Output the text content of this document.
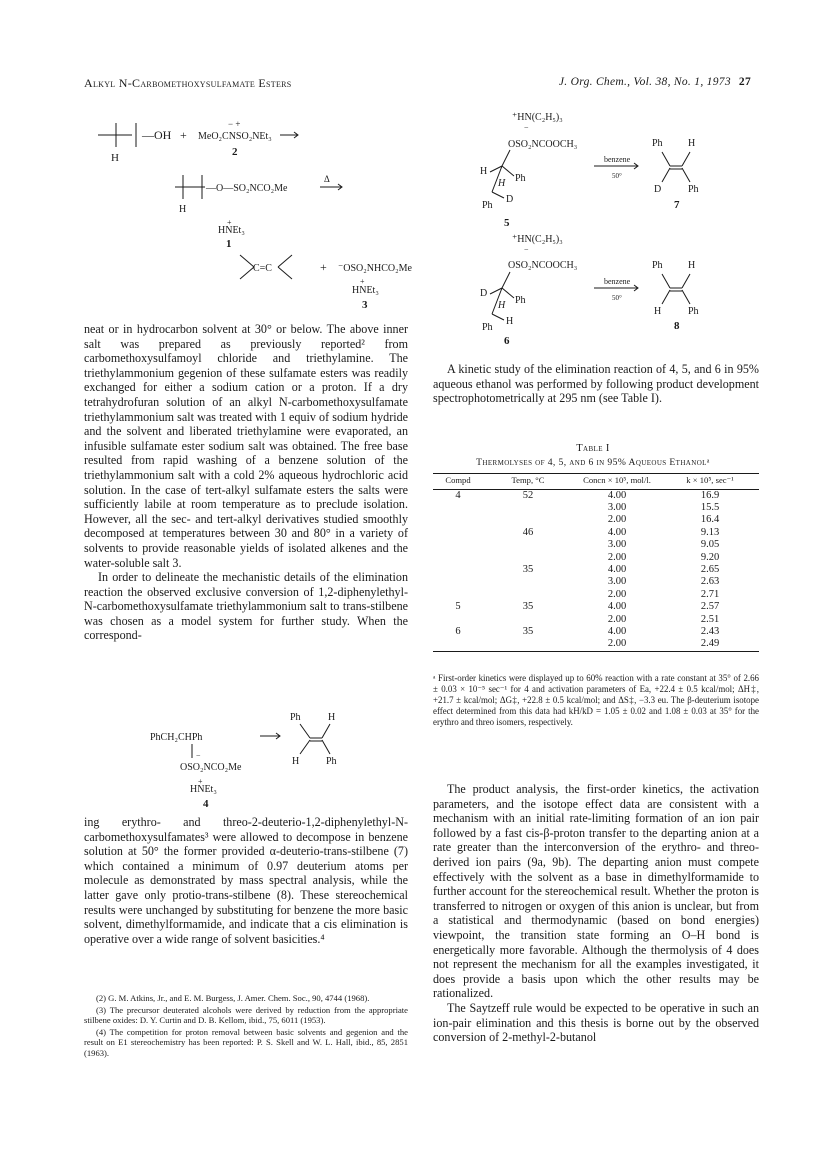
Alkyl N-Carbomethoxysulfamate Esters	J. Org. Chem., Vol. 38, No. 1, 1973 27
—OH
H
+ MeO₂CNSO₂NEt₃
− +
2
—O—SO₂NCO₂Me
H
Δ
+
HNEt₃
1
C=C	+ ⁻OSO₂NHCO₂Me
+
HNEt₃
3
⁺HN(C₂H₅)₃
−
OSO₂NCOOCH₃
H
Ph
H
D
Ph
5
benzene
50°
Ph	H
D	Ph
7
⁺HN(C₂H₅)₃
−
OSO₂NCOOCH₃
D
Ph
H
H
Ph
6
benzene
50°
Ph	H
H	Ph
8

neat or in hydrocarbon solvent at 30° or below. The above inner salt was prepared as previously reported² from carbomethoxysulfamoyl chloride and triethylamine. The triethylammonium gegenion of these sulfamate esters was readily exchanged for either a sodium cation or a proton. If a dry tetrahydrofuran solution of an alkyl N-carbomethoxysulfamate triethylammonium salt was treated with 1 equiv of sodium hydride and the solvent and liberated triethylamine were evaporated, an infusible sulfamate ester sodium salt was obtained. The free base resulted from rapid washing of a benzene solution of the triethylammonium salt with a cold 2% aqueous hydrochloric acid solution. In the case of tert-alkyl sulfamate esters the salts were sufficiently labile at room temperature as to preclude isolation. However, all the sec- and tert-alkyl derivatives studied smoothly decomposed at temperatures between 30 and 80° in a variety of solvents to provide reasonable yields of isolated alkenes and the water-soluble salt 3.

In order to delineate the mechanistic details of the elimination reaction the observed exclusive conversion of 1,2-diphenylethyl-N-carbomethoxysulfamate triethylammonium salt to trans-stilbene was chosen as a model system for further study. When the correspond-

PhCH₂CHPh
−
OSO₂NCO₂Me
+
HNEt₃
4
Ph	H
H	Ph

ing erythro- and threo-2-deuterio-1,2-diphenylethyl-N-carbomethoxysulfamates³ were allowed to decompose in benzene solution at 50° the former provided α-deuterio-trans-stilbene (7) which contained a minimum of 0.97 deuterium atoms per molecule as demonstrated by mass spectral analysis, while the latter gave only protio-trans-stilbene (8). These stereochemical results were unchanged by substituting for benzene the more basic solvent, dimethylformamide, and indicate that a cis elimination is operative over a wide range of solvent basicities.⁴

(2) G. M. Atkins, Jr., and E. M. Burgess, J. Amer. Chem. Soc., 90, 4744 (1968).

(3) The precursor deuterated alcohols were derived by reduction from the appropriate stilbene oxides: D. Y. Curtin and D. B. Kellom, ibid., 75, 6011 (1953).

(4) The competition for proton removal between basic solvents and gegenion and the result on E1 stereochemistry has been reported: P. S. Skell and W. L. Hall, ibid., 85, 2851 (1963).

A kinetic study of the elimination reaction of 4, 5, and 6 in 95% aqueous ethanol was performed by following product development spectrophotometrically at 295 nm (see Table I).

Table I
Thermolyses of 4, 5, and 6 in 95% Aqueous Ethanolᵃ
Compd	Temp, °C	Concn × 10⁵, mol/l.	k × 10⁵, sec⁻¹
4	52	4.00	16.9
		3.00	15.5
		2.00	16.4
	46	4.00	9.13
		3.00	9.05
		2.00	9.20
	35	4.00	2.65
		3.00	2.63
		2.00	2.71
5	35	4.00	2.57
		2.00	2.51
6	35	4.00	2.43
		2.00	2.49
ᵃ First-order kinetics were displayed up to 60% reaction with a rate constant at 35° of 2.66 ± 0.03 × 10⁻⁵ sec⁻¹ for 4 and activation parameters of Ea, +22.4 ± 0.5 kcal/mol; ΔH‡, +21.7 ± kcal/mol; ΔG‡, +22.8 ± 0.5 kcal/mol; and ΔS‡, −3.3 eu. The β-deuterium isotope effect determined from this data had kH/kD = 1.05 ± 0.02 and 1.08 ± 0.03 at 35° for the erythro and threo isomers, respectively.

The product analysis, the first-order kinetics, the activation parameters, and the isotope effect data are consistent with a mechanism with an initial rate-limiting formation of an ion pair followed by a fast cis-β-proton transfer to the departing anion at a rate greater than the interconversion of the erythro- and threo-derived ion pairs (9a, 9b). The departing anion must compete effectively with the solvent as a base in dimethylformamide to further account for the stereochemical result. Whether the proton is transferred to nitrogen or oxygen of this anion is unclear, but from a statistical and thermodynamic (based on bond energies) viewpoint, the transition state forming an O–H bond is energetically more favorable. Although the thermolysis of 4 does not represent the mechanism for all the examples investigated, it does provide a basis upon which the other results may be rationalized.

The Saytzeff rule would be expected to be operative in such an ion-pair elimination and this thesis is borne out by the observed conversion of 2-methyl-2-butanol
